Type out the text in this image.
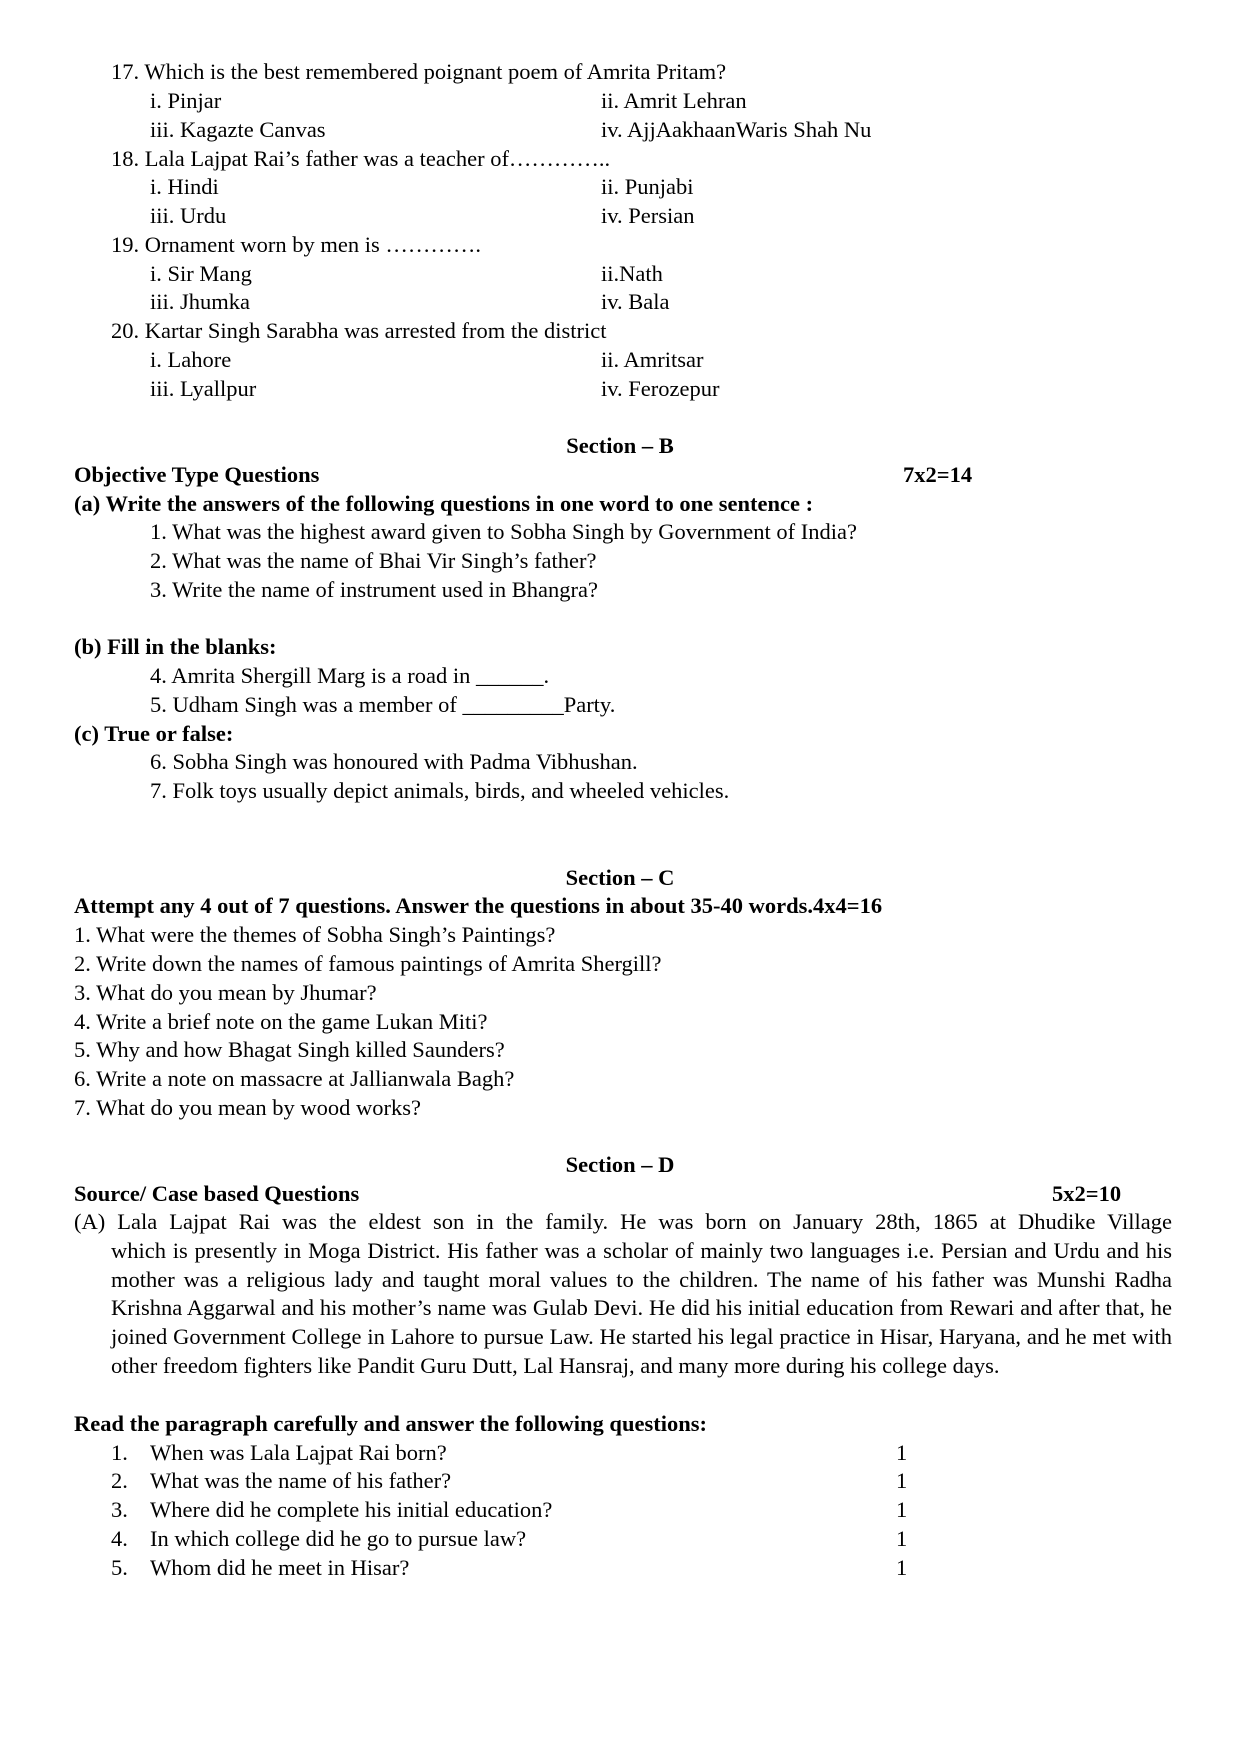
17. Which is the best remembered poignant poem of Amrita Pritam?
i. Pinjar	ii. Amrit Lehran
iii. Kagazte Canvas	iv. AjjAakhaanWaris Shah Nu
18. Lala Lajpat Rai’s father was a teacher of…………..
i. Hindi	ii. Punjabi
iii. Urdu	iv. Persian
19. Ornament worn by men is ………….
i. Sir Mang	ii.Nath
iii. Jhumka	iv. Bala
20. Kartar Singh Sarabha was arrested from the district
i. Lahore	ii. Amritsar
iii. Lyallpur	iv. Ferozepur
Section – B
Objective Type Questions	7x2=14
(a) Write the answers of the following questions in one word to one sentence :
1. What was the highest award given to Sobha Singh by Government of India?
2. What was the name of Bhai Vir Singh’s father?
3. Write the name of instrument used in Bhangra?
(b) Fill in the blanks:
4. Amrita Shergill Marg is a road in ______.
5. Udham Singh was a member of _________Party.
(c) True or false:
6. Sobha Singh was honoured with Padma Vibhushan.
7. Folk toys usually depict animals, birds, and wheeled vehicles.
Section – C
Attempt any 4 out of 7 questions. Answer the questions in about 35-40 words.4x4=16
1. What were the themes of Sobha Singh’s Paintings?
2. Write down the names of famous paintings of Amrita Shergill?
3. What do you mean by Jhumar?
4. Write a brief note on the game Lukan Miti?
5. Why and how Bhagat Singh killed Saunders?
6. Write a note on massacre at Jallianwala Bagh?
7. What do you mean by wood works?
Section – D
Source/ Case based Questions	5x2=10
(A) Lala Lajpat Rai was the eldest son in the family. He was born on January 28th, 1865 at Dhudike Village
which is presently in Moga District. His father was a scholar of mainly two languages i.e. Persian and Urdu and his mother was a religious lady and taught moral values to the children. The name of his father was Munshi Radha Krishna Aggarwal and his mother’s name was Gulab Devi. He did his initial education from Rewari and after that, he joined Government College in Lahore to pursue Law. He started his legal practice in Hisar, Haryana, and he met with other freedom fighters like Pandit Guru Dutt, Lal Hansraj, and many more during his college days.
Read the paragraph carefully and answer the following questions:
1. When was Lala Lajpat Rai born?	1
2. What was the name of his father?	1
3. Where did he complete his initial education?	1
4. In which college did he go to pursue law?	1
5. Whom did he meet in Hisar?	1
